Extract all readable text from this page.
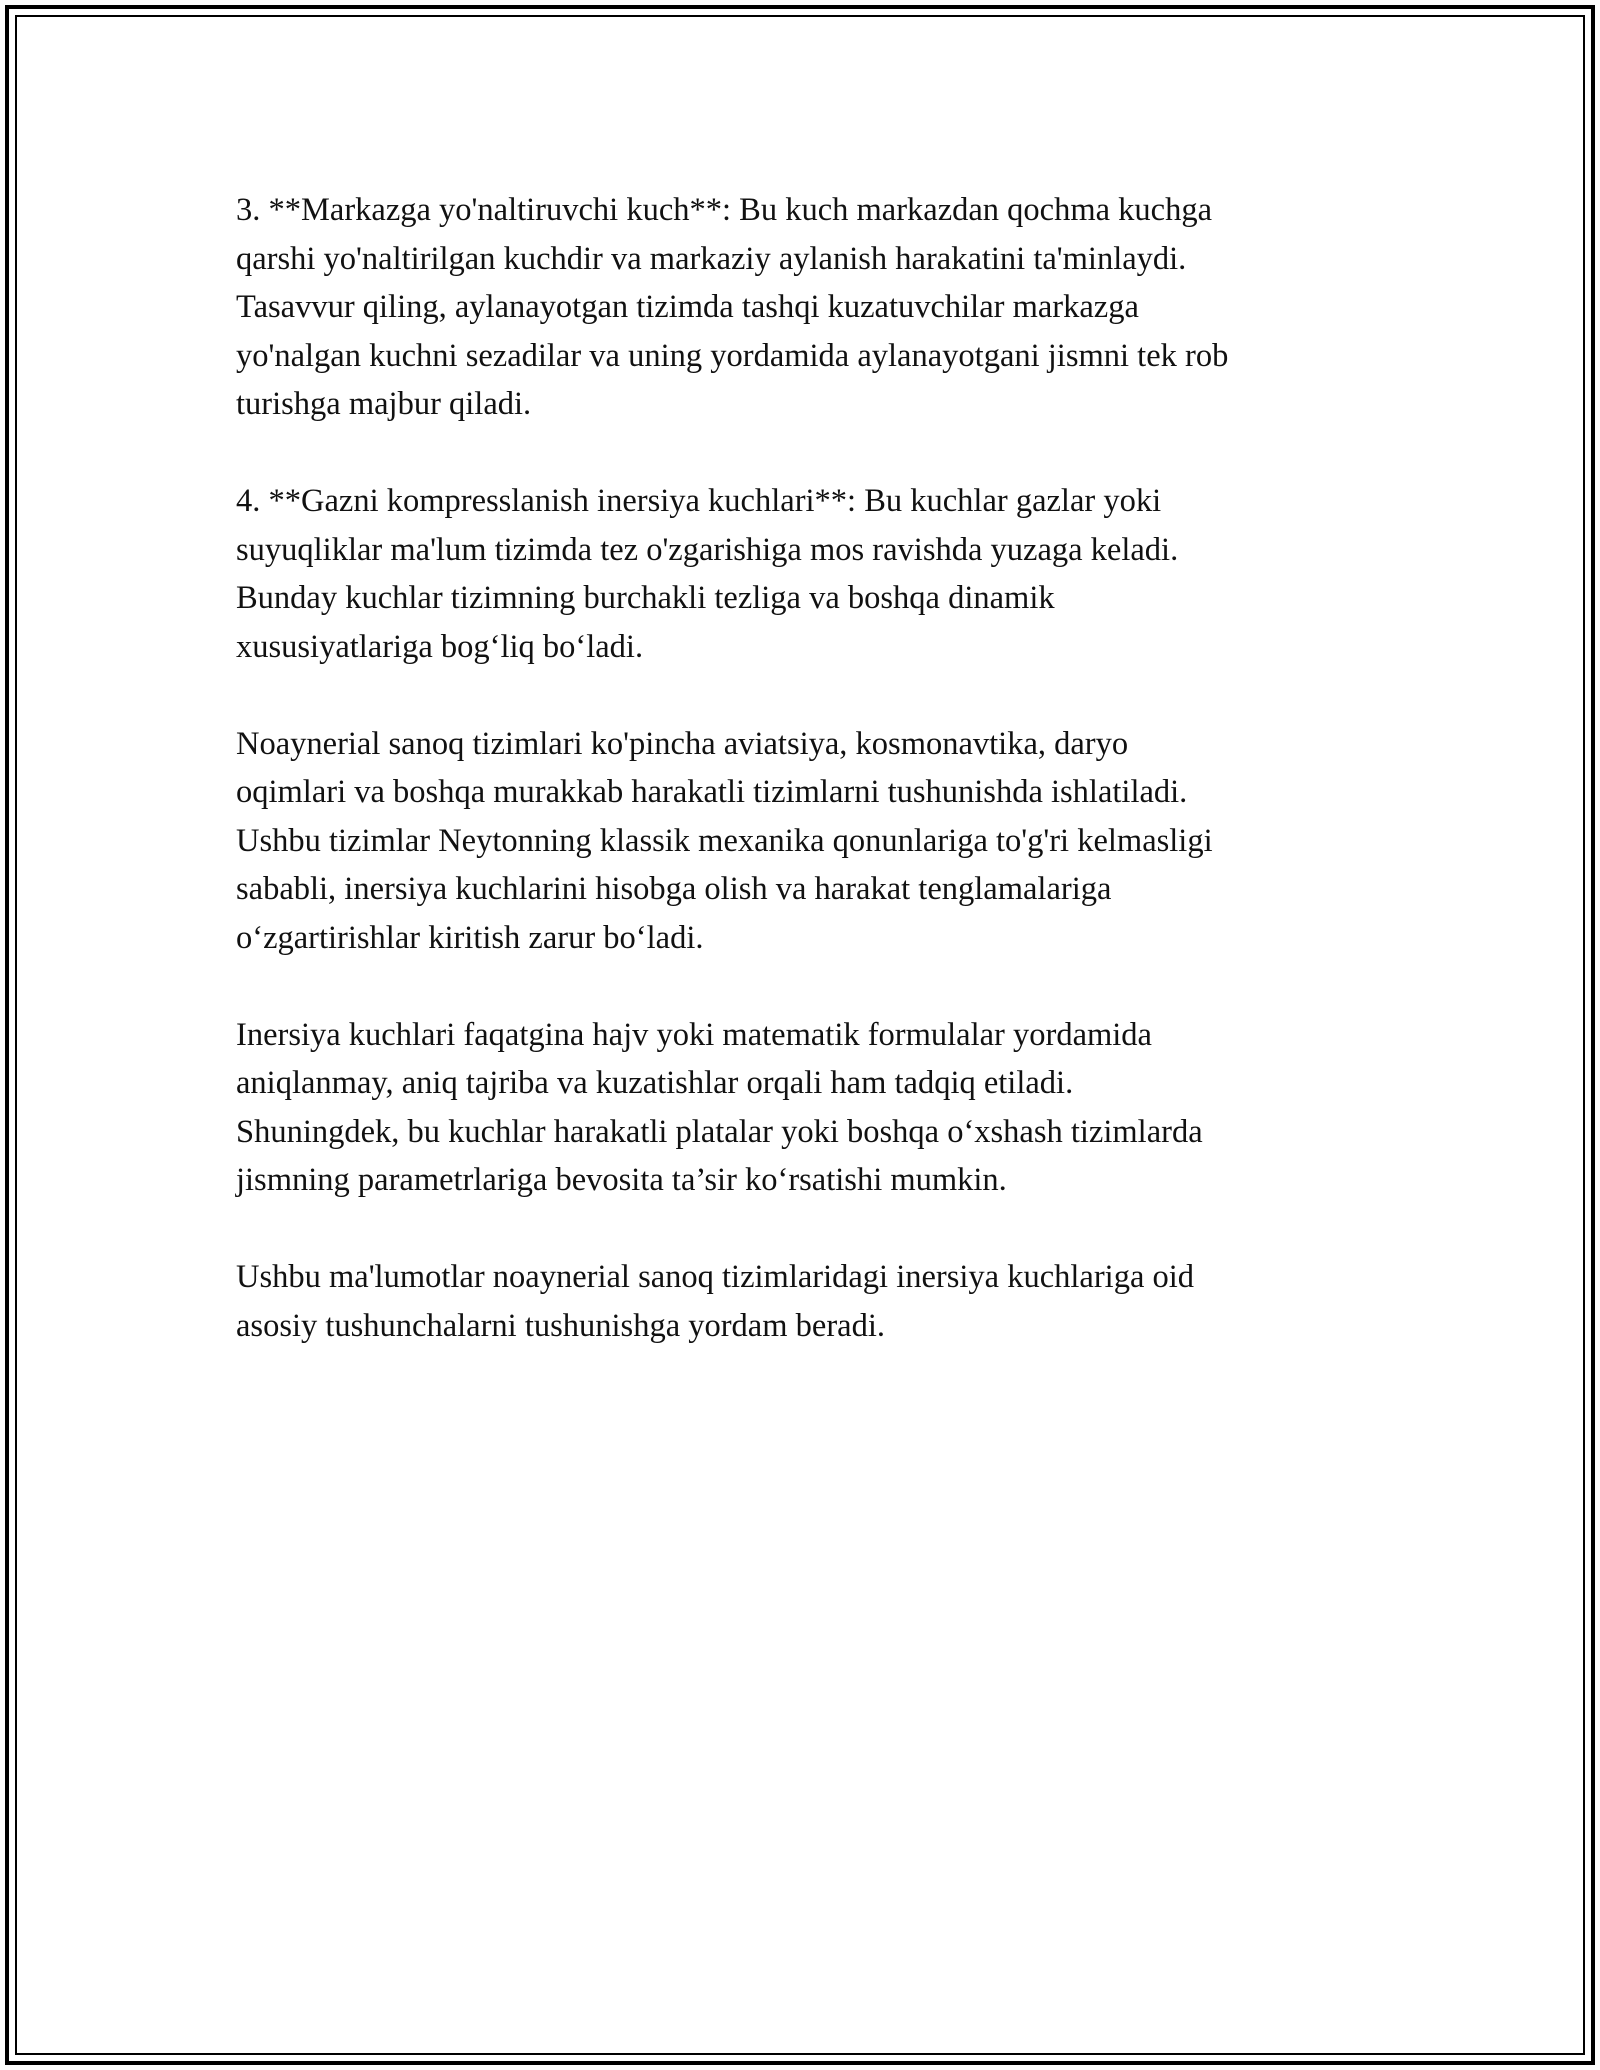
3. **Markazga yo'naltiruvchi kuch**: Bu kuch markazdan qochma kuchga
qarshi yo'naltirilgan kuchdir va markaziy aylanish harakatini ta'minlaydi.
Tasavvur qiling, aylanayotgan tizimda tashqi kuzatuvchilar markazga
yo'nalgan kuchni sezadilar va uning yordamida aylanayotgani jismni tek rob
turishga majbur qiladi.
4. **Gazni kompresslanish inersiya kuchlari**: Bu kuchlar gazlar yoki
suyuqliklar ma'lum tizimda tez o'zgarishiga mos ravishda yuzaga keladi.
Bunday kuchlar tizimning burchakli tezliga va boshqa dinamik
xususiyatlariga bog‘liq bo‘ladi.
Noaynerial sanoq tizimlari ko'pincha aviatsiya, kosmonavtika, daryo
oqimlari va boshqa murakkab harakatli tizimlarni tushunishda ishlatiladi.
Ushbu tizimlar Neytonning klassik mexanika qonunlariga to'g'ri kelmasligi
sababli, inersiya kuchlarini hisobga olish va harakat tenglamalariga
o‘zgartirishlar kiritish zarur bo‘ladi.
Inersiya kuchlari faqatgina hajv yoki matematik formulalar yordamida
aniqlanmay, aniq tajriba va kuzatishlar orqali ham tadqiq etiladi.
Shuningdek, bu kuchlar harakatli platalar yoki boshqa o‘xshash tizimlarda
jismning parametrlariga bevosita ta’sir ko‘rsatishi mumkin.
Ushbu ma'lumotlar noaynerial sanoq tizimlaridagi inersiya kuchlariga oid
asosiy tushunchalarni tushunishga yordam beradi.
